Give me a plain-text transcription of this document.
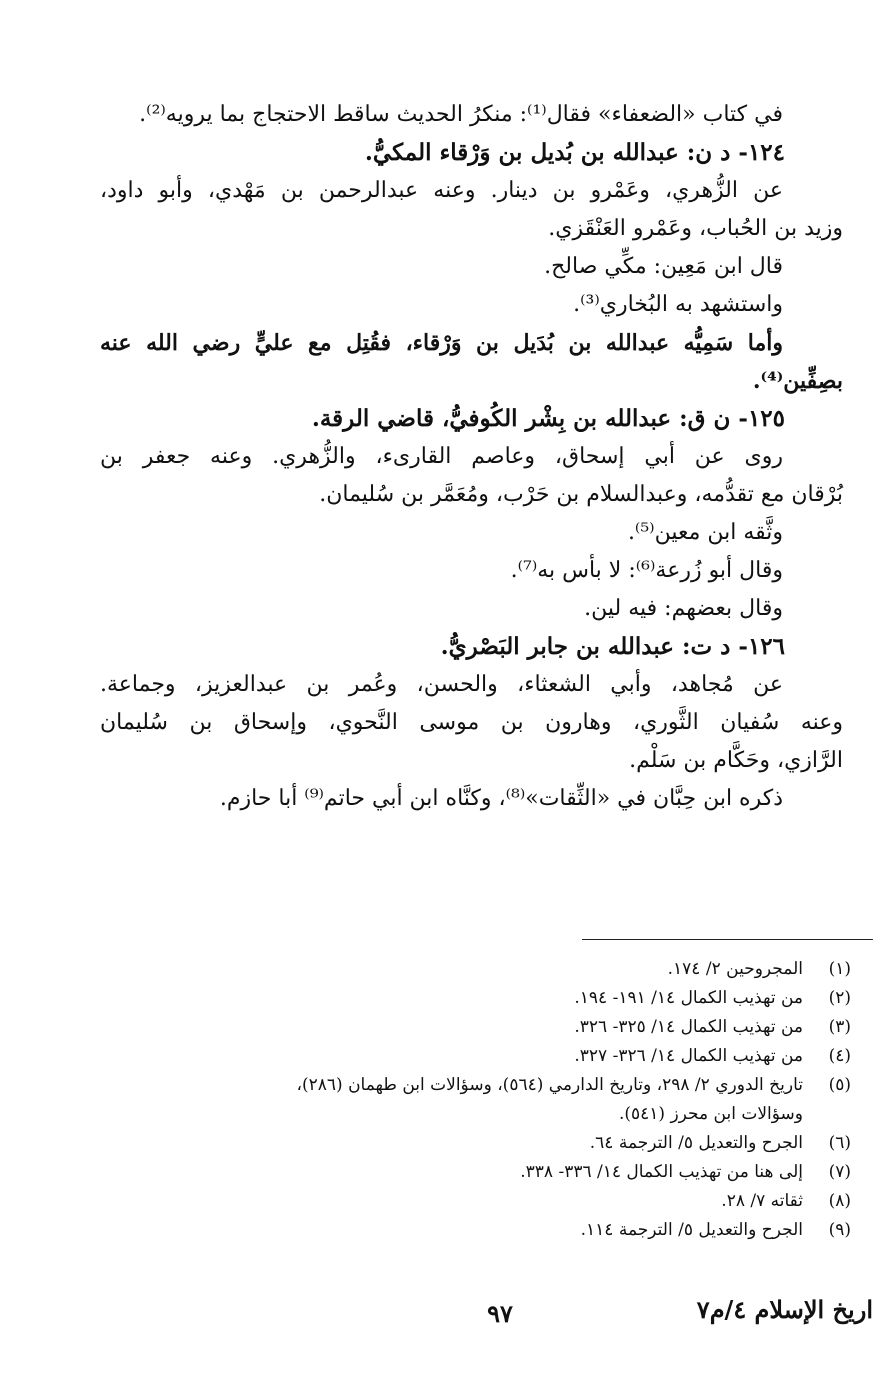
في كتاب «الضعفاء» فقال⁽¹⁾: منكرُ الحديث ساقط الاحتجاج بما يرويه⁽²⁾.
١٢٤- د ن: عبدالله بن بُديل بن وَرْقاء المكيُّ.
عن الزُّهري، وعَمْرو بن دينار. وعنه عبدالرحمن بن مَهْدي، وأبو داود،
وزيد بن الحُباب، وعَمْرو العَنْقَزي.
قال ابن مَعِين: مكِّي صالح.
واستشهد به البُخاري⁽³⁾.
وأما سَمِيُّه عبدالله بن بُدَيل بن وَرْقاء، فقُتِل مع عليٍّ رضي الله عنه
بصِفِّين⁽⁴⁾.
١٢٥- ن ق: عبدالله بن بِشْر الكُوفيُّ، قاضي الرقة.
روى عن أبي إسحاق، وعاصم القارىء، والزُّهري. وعنه جعفر بن
بُرْقان مع تقدُّمه، وعبدالسلام بن حَرْب، ومُعَمَّر بن سُليمان.
وثَّقه ابن معين⁽⁵⁾.
وقال أبو زُرعة⁽⁶⁾: لا بأس به⁽⁷⁾.
وقال بعضهم: فيه لين.
١٢٦- د ت: عبدالله بن جابر البَصْريُّ.
عن مُجاهد، وأبي الشعثاء، والحسن، وعُمر بن عبدالعزيز، وجماعة.
وعنه سُفيان الثَّوري، وهارون بن موسى النَّحوي، وإسحاق بن سُليمان
الرَّازي، وحَكَّام بن سَلْم.
ذكره ابن حِبَّان في «الثِّقات»⁽⁸⁾، وكنَّاه ابن أبي حاتم⁽⁹⁾ أبا حازم.
(١)
المجروحين ٢/ ١٧٤.
(٢)
من تهذيب الكمال ١٤/ ١٩١- ١٩٤.
(٣)
من تهذيب الكمال ١٤/ ٣٢٥- ٣٢٦.
(٤)
من تهذيب الكمال ١٤/ ٣٢٦- ٣٢٧.
(٥)
تاريخ الدوري ٢/ ٢٩٨، وتاريخ الدارمي (٥٦٤)، وسؤالات ابن طهمان (٢٨٦)،
وسؤالات ابن محرز (٥٤١).
(٦)
الجرح والتعديل ٥/ الترجمة ٦٤.
(٧)
إلى هنا من تهذيب الكمال ١٤/ ٣٣٦- ٣٣٨.
(٨)
ثقاته ٧/ ٢٨.
(٩)
الجرح والتعديل ٥/ الترجمة ١١٤.
اريخ الإسلام ٤/م٧
٩٧
